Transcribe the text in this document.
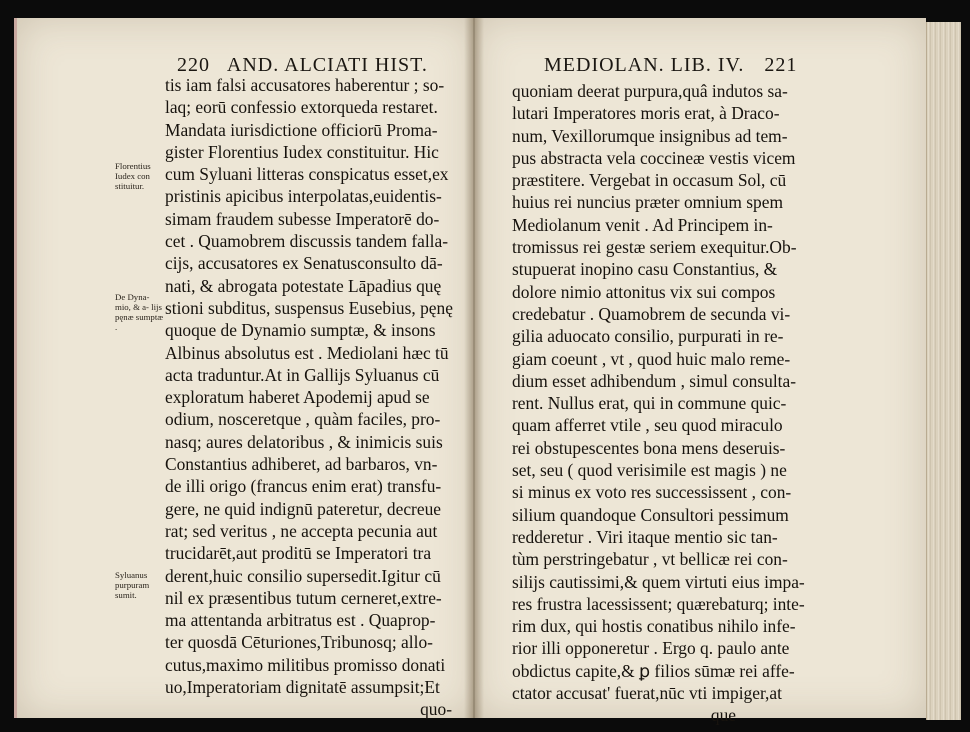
220 AND. ALCIATI HIST.
Florentius Iudex con stituitur.
De Dyna- mio, & a- lijs pęnæ sumptæ .
Syluanus purpuram sumit.
tis iam falsi accusatores haberentur ; so-
laq; eorū confessio extorqueda restaret.
Mandata iurisdictione officiorū Proma-
gister Florentius Iudex constituitur. Hic
cum Syluani litteras conspicatus esset,ex
pristinis apicibus interpolatas,euidentis-
simam fraudem subesse Imperatorē do-
cet . Quamobrem discussis tandem falla-
cijs, accusatores ex Senatusconsulto dā-
nati, & abrogata potestate Lāpadius quę
stioni subditus, suspensus Eusebius, pęnę
quoque de Dynamio sumptæ, & insons
Albinus absolutus est . Mediolani hæc tū
acta traduntur.At in Gallijs Syluanus cū
exploratum haberet Apodemij apud se
odium, nosceretque , quàm faciles, pro-
nasq; aures delatoribus , & inimicis suis
Constantius adhiberet, ad barbaros, vn-
de illi origo (francus enim erat) transfu-
gere, ne quid indignū pateretur, decreue
rat; sed veritus , ne accepta pecunia aut
trucidarēt,aut proditū se Imperatori tra
derent,huic consilio supersedit.Igitur cū
nil ex præsentibus tutum cerneret,extre-
ma attentanda arbitratus est . Quaprop-
ter quosdā Cēturiones,Tribunosq; allo-
cutus,maximo militibus promisso donati
uo,Imperatoriam dignitatē assumpsit;Et
quo-
MEDIOLAN. LIB. IV. 221
quoniam deerat purpura,quâ indutos sa-
lutari Imperatores moris erat, à Draco-
num, Vexillorumque insignibus ad tem-
pus abstracta vela coccineæ vestis vicem
præstitere. Vergebat in occasum Sol, cū
huius rei nuncius præter omnium spem
Mediolanum venit . Ad Principem in-
tromissus rei gestæ seriem exequitur.Ob-
stupuerat inopino casu Constantius, &
dolore nimio attonitus vix sui compos
credebatur . Quamobrem de secunda vi-
gilia aduocato consilio, purpurati in re-
giam coeunt , vt , quod huic malo reme-
dium esset adhibendum , simul consulta-
rent. Nullus erat, qui in commune quic-
quam afferret vtile , seu quod miraculo
rei obstupescentes bona mens deseruis-
set, seu ( quod verisimile est magis ) ne
si minus ex voto res successissent , con-
silium quandoque Consultori pessimum
redderetur . Viri itaque mentio sic tan-
tùm perstringebatur , vt bellicæ rei con-
silijs cautissimi,& quem virtuti eius impa-
res frustra lacessissent; quærebaturq; inte-
rim dux, qui hostis conatibus nihilo infe-
rior illi opponeretur . Ergo q. paulo ante
obdictus capite,& ꝑ filios sūmæ rei affe-
ctator accusat' fuerat,nūc vti impiger,at
que
